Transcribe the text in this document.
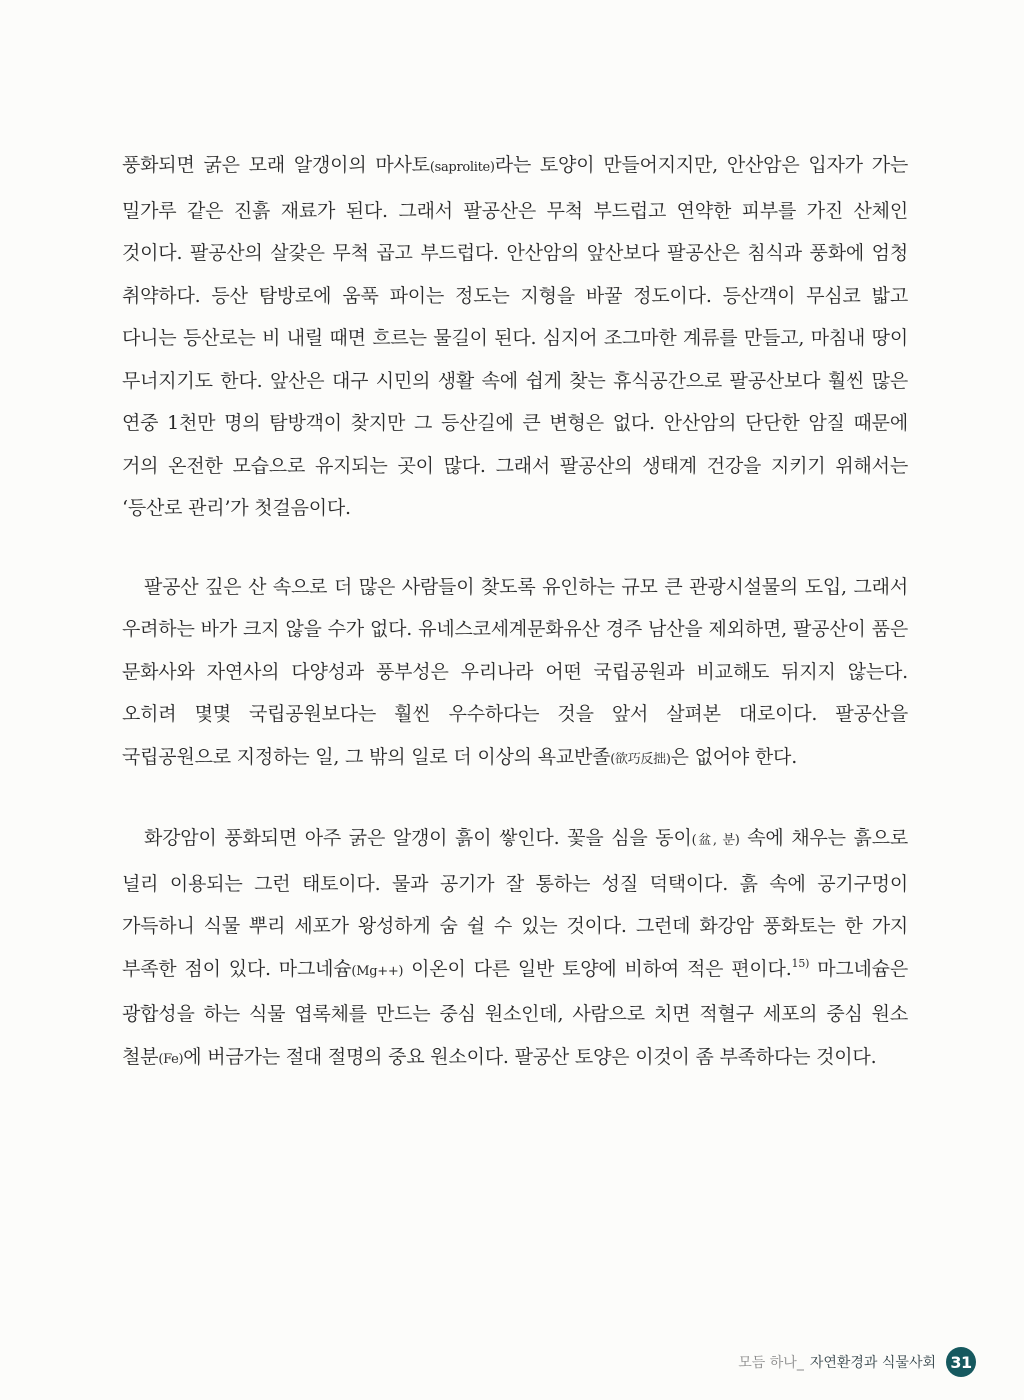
풍화되면 굵은 모래 알갱이의 마사토(saprolite)라는 토양이 만들어지지만, 안산암은 입자가 가는 밀가루 같은 진흙 재료가 된다. 그래서 팔공산은 무척 부드럽고 연약한 피부를 가진 산체인 것이다. 팔공산의 살갗은 무척 곱고 부드럽다. 안산암의 앞산보다 팔공산은 침식과 풍화에 엄청 취약하다. 등산 탐방로에 움푹 파이는 정도는 지형을 바꿀 정도이다. 등산객이 무심코 밟고 다니는 등산로는 비 내릴 때면 흐르는 물길이 된다. 심지어 조그마한 계류를 만들고, 마침내 땅이 무너지기도 한다. 앞산은 대구 시민의 생활 속에 쉽게 찾는 휴식공간으로 팔공산보다 훨씬 많은 연중 1천만 명의 탐방객이 찾지만 그 등산길에 큰 변형은 없다. 안산암의 단단한 암질 때문에 거의 온전한 모습으로 유지되는 곳이 많다. 그래서 팔공산의 생태계 건강을 지키기 위해서는 ‘등산로 관리’가 첫걸음이다.

팔공산 깊은 산 속으로 더 많은 사람들이 찾도록 유인하는 규모 큰 관광시설물의 도입, 그래서 우려하는 바가 크지 않을 수가 없다. 유네스코세계문화유산 경주 남산을 제외하면, 팔공산이 품은 문화사와 자연사의 다양성과 풍부성은 우리나라 어떤 국립공원과 비교해도 뒤지지 않는다. 오히려 몇몇 국립공원보다는 훨씬 우수하다는 것을 앞서 살펴본 대로이다. 팔공산을 국립공원으로 지정하는 일, 그 밖의 일로 더 이상의 욕교반졸(欲巧反拙)은 없어야 한다.

화강암이 풍화되면 아주 굵은 알갱이 흙이 쌓인다. 꽃을 심을 동이(盆, 분) 속에 채우는 흙으로 널리 이용되는 그런 태토이다. 물과 공기가 잘 통하는 성질 덕택이다. 흙 속에 공기구멍이 가득하니 식물 뿌리 세포가 왕성하게 숨 쉴 수 있는 것이다. 그런데 화강암 풍화토는 한 가지 부족한 점이 있다. 마그네슘(Mg++) 이온이 다른 일반 토양에 비하여 적은 편이다.$^{15)}$ 마그네슘은 광합성을 하는 식물 엽록체를 만드는 중심 원소인데, 사람으로 치면 적혈구 세포의 중심 원소 철분(Fe)에 버금가는 절대 절명의 중요 원소이다. 팔공산 토양은 이것이 좀 부족하다는 것이다.

모듬 하나_ 자연환경과 식물사회 31
